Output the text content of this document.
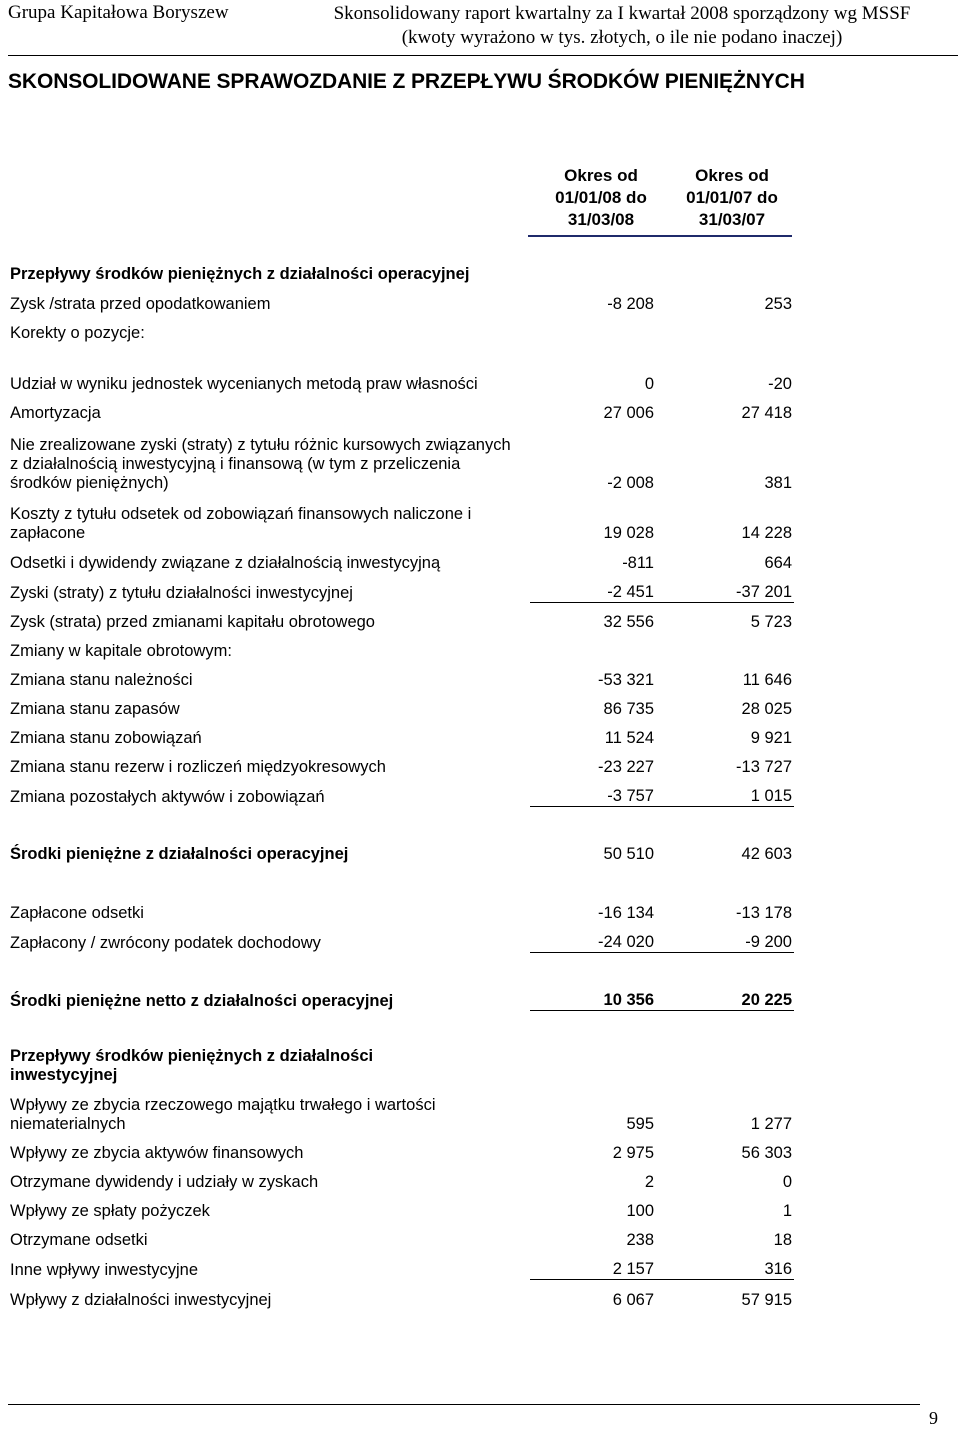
Grupa Kapitałowa Boryszew	Skonsolidowany raport kwartalny za I kwartał 2008 sporządzony wg MSSF
(kwoty wyrażono w tys. złotych, o ile nie podano inaczej)
SKONSOLIDOWANE SPRAWOZDANIE Z PRZEPŁYWU ŚRODKÓW PIENIĘŻNYCH
Okres od
01/01/08 do
31/03/08
Okres od
01/01/07 do
31/03/07
Przepływy środków pieniężnych z działalności operacyjnej
Zysk /strata przed opodatkowaniem	-8 208	253
Korekty o pozycje:
Udział w wyniku jednostek wycenianych metodą praw własności	0	-20
Amortyzacja	27 006	27 418
Nie zrealizowane zyski (straty) z tytułu różnic kursowych związanych z działalnością inwestycyjną i finansową (w tym z przeliczenia środków pieniężnych)	-2 008	381
Koszty z tytułu odsetek od zobowiązań finansowych naliczone i zapłacone	19 028	14 228
Odsetki i dywidendy związane z działalnością inwestycyjną	-811	664
Zyski (straty) z tytułu działalności inwestycyjnej	-2 451	-37 201
Zysk (strata) przed zmianami kapitału obrotowego	32 556	5 723
Zmiany w kapitale obrotowym:
Zmiana stanu należności	-53 321	11 646
Zmiana stanu zapasów	86 735	28 025
Zmiana stanu zobowiązań	11 524	9 921
Zmiana stanu rezerw i rozliczeń międzyokresowych	-23 227	-13 727
Zmiana pozostałych aktywów i zobowiązań	-3 757	1 015
Środki pieniężne z działalności operacyjnej	50 510	42 603
Zapłacone odsetki	-16 134	-13 178
Zapłacony / zwrócony podatek dochodowy	-24 020	-9 200
Środki pieniężne netto z działalności operacyjnej	10 356	20 225
Przepływy środków pieniężnych z działalności inwestycyjnej
Wpływy ze zbycia rzeczowego majątku trwałego i wartości niematerialnych	595	1 277
Wpływy ze zbycia aktywów finansowych	2 975	56 303
Otrzymane dywidendy i udziały w zyskach	2	0
Wpływy ze spłaty pożyczek	100	1
Otrzymane odsetki	238	18
Inne wpływy inwestycyjne	2 157	316
Wpływy z działalności inwestycyjnej	6 067	57 915
9
